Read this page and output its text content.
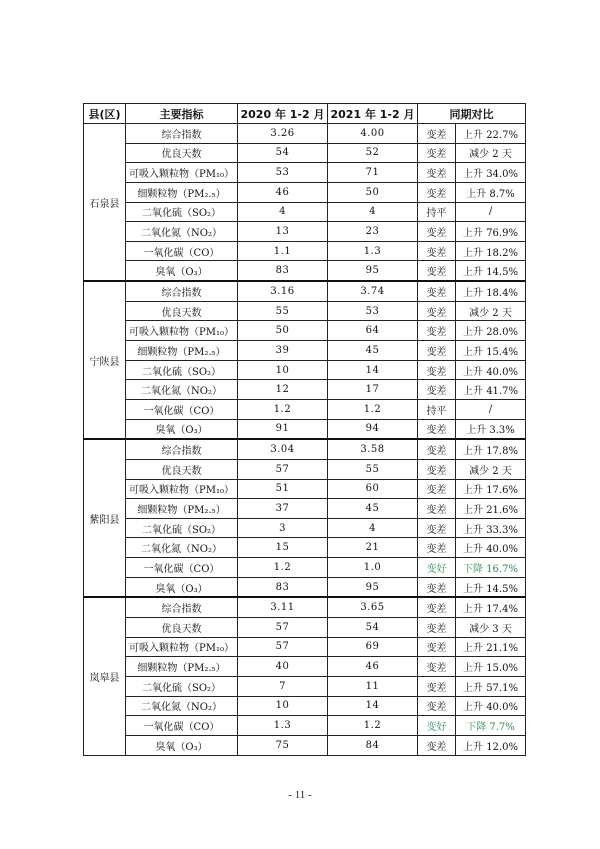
县(区)	主要指标	2020 年 1-2 月	2021 年 1-2 月	同期对比	
石泉县	综合指数	3.26	4.00	变差	上升 22.7%
	优良天数	54	52	变差	减少 2 天
	可吸入颗粒物（PM₁₀）	53	71	变差	上升 34.0%
	细颗粒物（PM₂.₅）	46	50	变差	上升 8.7%
	二氧化硫（SO₂）	4	4	持平	/
	二氧化氮（NO₂）	13	23	变差	上升 76.9%
	一氧化碳（CO）	1.1	1.3	变差	上升 18.2%
	臭氧（O₃）	83	95	变差	上升 14.5%
宁陕县	综合指数	3.16	3.74	变差	上升 18.4%
	优良天数	55	53	变差	减少 2 天
	可吸入颗粒物（PM₁₀）	50	64	变差	上升 28.0%
	细颗粒物（PM₂.₅）	39	45	变差	上升 15.4%
	二氧化硫（SO₂）	10	14	变差	上升 40.0%
	二氧化氮（NO₂）	12	17	变差	上升 41.7%
	一氧化碳（CO）	1.2	1.2	持平	/
	臭氧（O₃）	91	94	变差	上升 3.3%
紫阳县	综合指数	3.04	3.58	变差	上升 17.8%
	优良天数	57	55	变差	减少 2 天
	可吸入颗粒物（PM₁₀）	51	60	变差	上升 17.6%
	细颗粒物（PM₂.₅）	37	45	变差	上升 21.6%
	二氧化硫（SO₂）	3	4	变差	上升 33.3%
	二氧化氮（NO₂）	15	21	变差	上升 40.0%
	一氧化碳（CO）	1.2	1.0	变好	下降 16.7%
	臭氧（O₃）	83	95	变差	上升 14.5%
岚皋县	综合指数	3.11	3.65	变差	上升 17.4%
	优良天数	57	54	变差	减少 3 天
	可吸入颗粒物（PM₁₀）	57	69	变差	上升 21.1%
	细颗粒物（PM₂.₅）	40	46	变差	上升 15.0%
	二氧化硫（SO₂）	7	11	变差	上升 57.1%
	二氧化氮（NO₂）	10	14	变差	上升 40.0%
	一氧化碳（CO）	1.3	1.2	变好	下降 7.7%
	臭氧（O₃）	75	84	变差	上升 12.0%
- 11 -
